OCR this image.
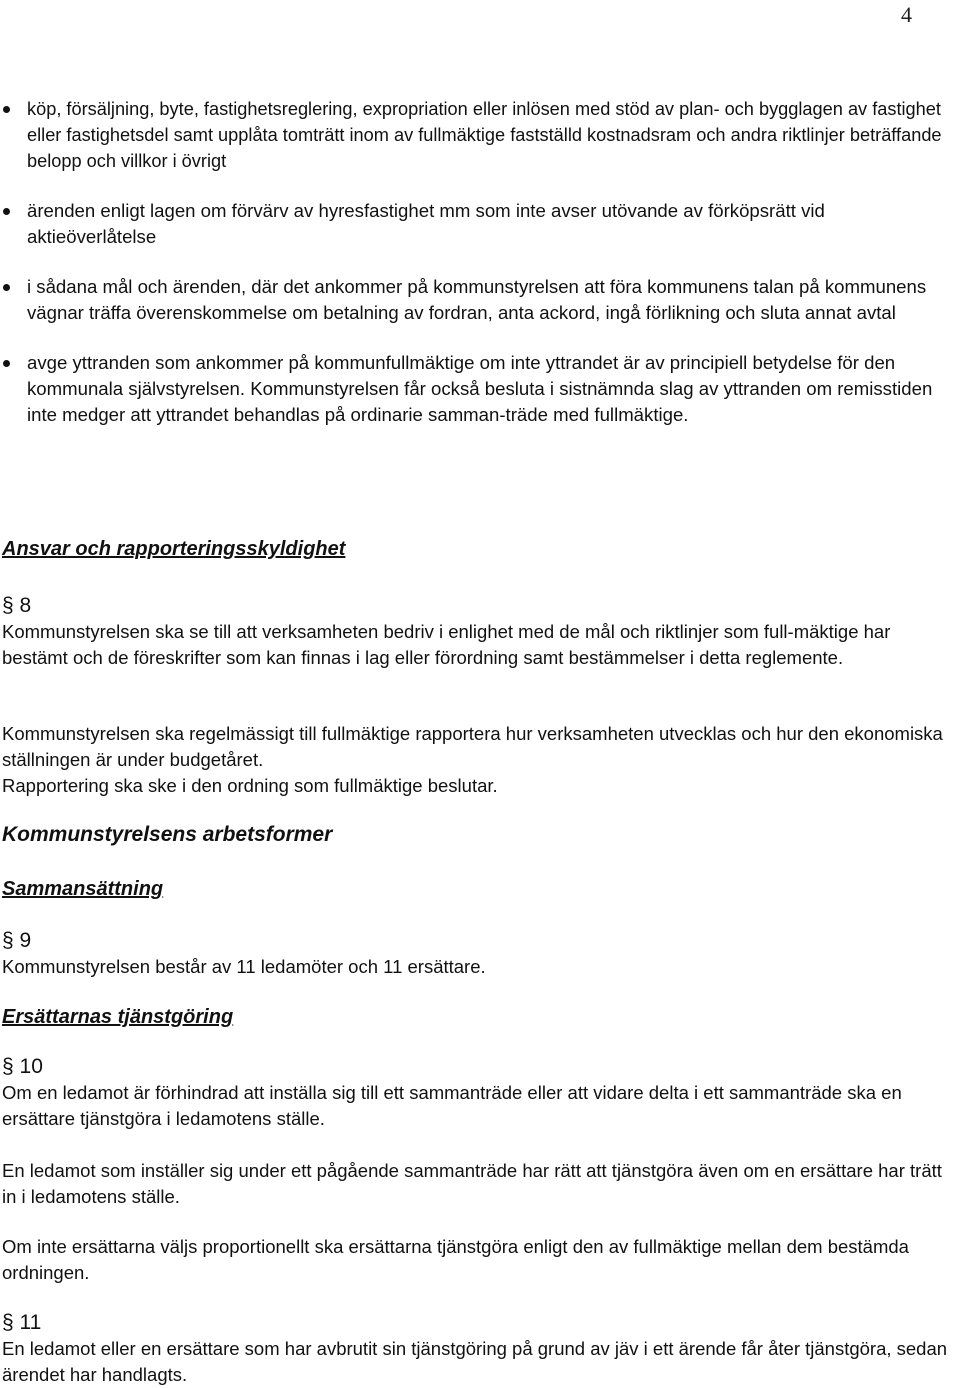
4
köp, försäljning, byte, fastighetsreglering, expropriation eller inlösen med stöd av plan- och bygglagen av fastighet eller fastighetsdel samt upplåta tomträtt inom av fullmäktige fastställd kostnadsram och andra riktlinjer beträffande belopp och villkor i övrigt
ärenden enligt lagen om förvärv av hyresfastighet mm som inte avser utövande av förköpsrätt vid aktieöverlåtelse
i sådana mål och ärenden, där det ankommer på kommunstyrelsen att föra kommunens talan på kommunens vägnar träffa överenskommelse om betalning av fordran, anta ackord, ingå förlikning och sluta annat avtal
avge yttranden som ankommer på kommunfullmäktige om inte yttrandet är av principiell betydelse för den kommunala självstyrelsen. Kommunstyrelsen får också besluta i sistnämnda slag av yttranden om remisstiden inte medger att yttrandet behandlas på ordinarie samman-träde med fullmäktige.

Ansvar och rapporteringsskyldighet

§ 8

Kommunstyrelsen ska se till att verksamheten bedriv i enlighet med de mål och riktlinjer som full-mäktige har bestämt och de föreskrifter som kan finnas i lag eller förordning samt bestämmelser i detta reglemente.

Kommunstyrelsen ska regelmässigt till fullmäktige rapportera hur verksamheten utvecklas och hur den ekonomiska ställningen är under budgetåret.

Rapportering ska ske i den ordning som fullmäktige beslutar.

Kommunstyrelsens arbetsformer

Sammansättning

§ 9

Kommunstyrelsen består av 11 ledamöter och 11 ersättare.

Ersättarnas tjänstgöring

§ 10

Om en ledamot är förhindrad att inställa sig till ett sammanträde eller att vidare delta i ett sammanträde ska en ersättare tjänstgöra i ledamotens ställe.

En ledamot som inställer sig under ett pågående sammanträde har rätt att tjänstgöra även om en ersättare har trätt in i ledamotens ställe.

Om inte ersättarna väljs proportionellt ska ersättarna tjänstgöra enligt den av fullmäktige mellan dem bestämda ordningen.

§ 11

En ledamot eller en ersättare som har avbrutit sin tjänstgöring på grund av jäv i ett ärende får åter tjänstgöra, sedan ärendet har handlagts.
